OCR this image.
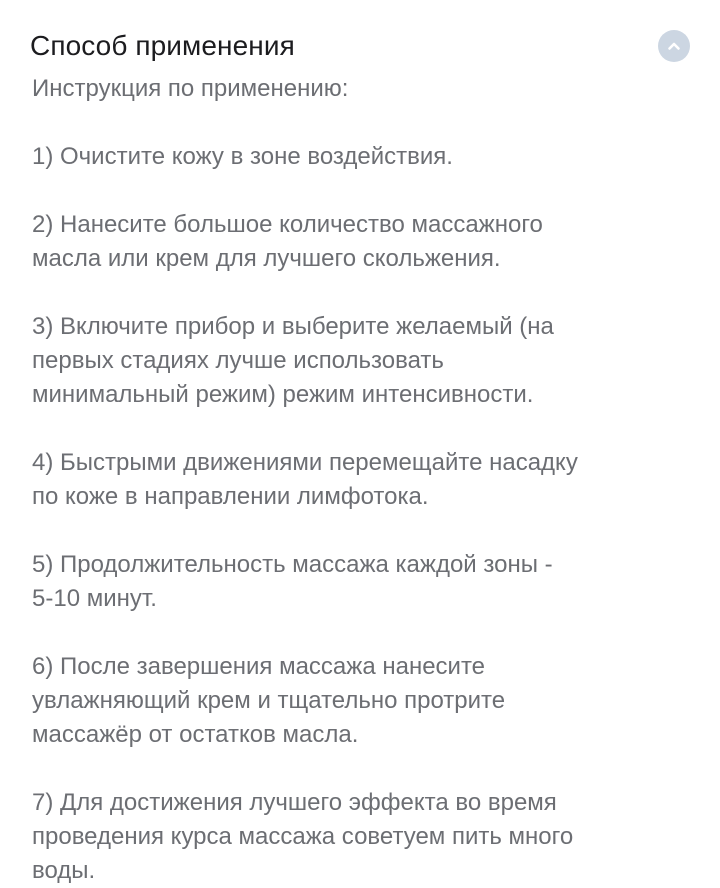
Способ применения
Инструкция по применению:
1) Очистите кожу в зоне воздействия.
2) Нанесите большое количество массажного
масла или крем для лучшего скольжения.
3) Включите прибор и выберите желаемый (на
первых стадиях лучше использовать
минимальный режим) режим интенсивности.
4) Быстрыми движениями перемещайте насадку
по коже в направлении лимфотока.
5) Продолжительность массажа каждой зоны -
5-10 минут.
6) После завершения массажа нанесите
увлажняющий крем и тщательно протрите
массажёр от остатков масла.
7) Для достижения лучшего эффекта во время
проведения курса массажа советуем пить много
воды.
